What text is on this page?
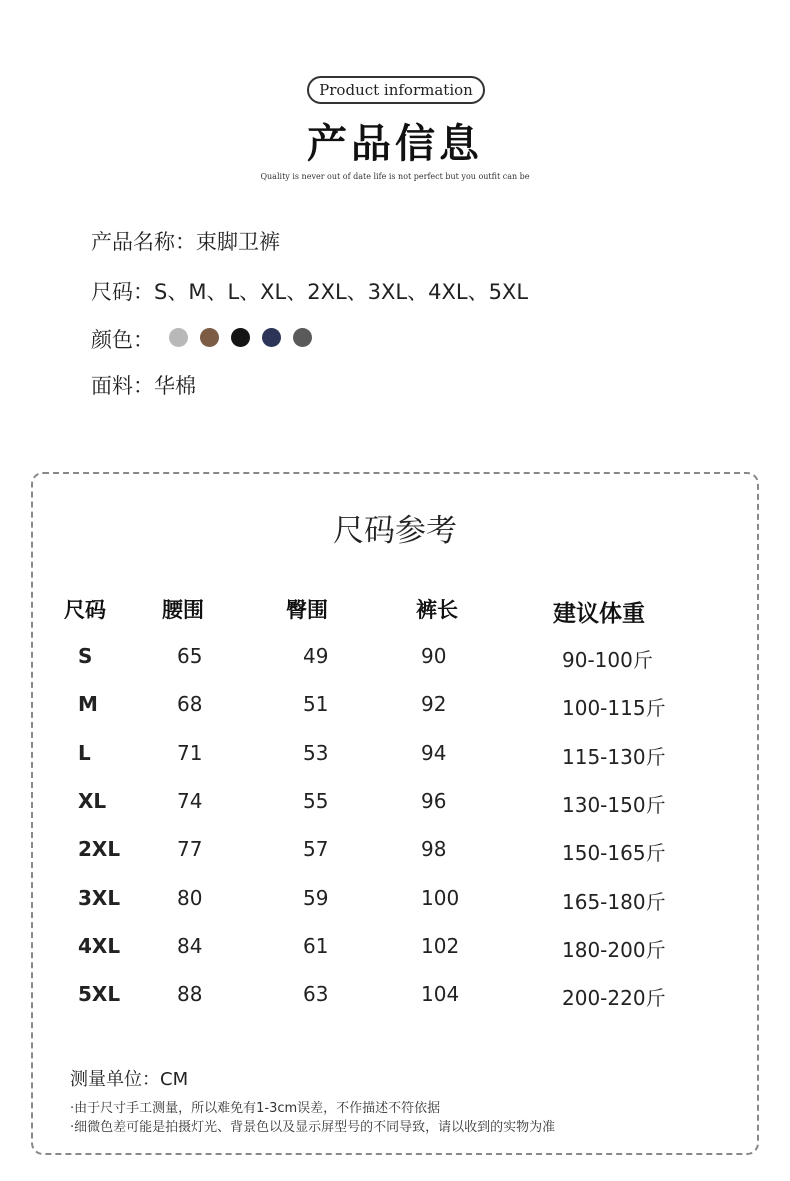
Product information
产品信息
Quality is never out of date life is not perfect but you outfit can be
产品名称：束脚卫裤
尺码：S、M、L、XL、2XL、3XL、4XL、5XL
颜色：
面料：华棉
尺码参考
尺码	腰围	臀围	裤长	建议体重
S	65	49	90	90-100斤
M	68	51	92	100-115斤
L	71	53	94	115-130斤
XL	74	55	96	130-150斤
2XL	77	57	98	150-165斤
3XL	80	59	100	165-180斤
4XL	84	61	102	180-200斤
5XL	88	63	104	200-220斤
测量单位：CM
·由于尺寸手工测量，所以难免有1-3cm误差，不作描述不符依据
·细微色差可能是拍摄灯光、背景色以及显示屏型号的不同导致，请以收到的实物为准
